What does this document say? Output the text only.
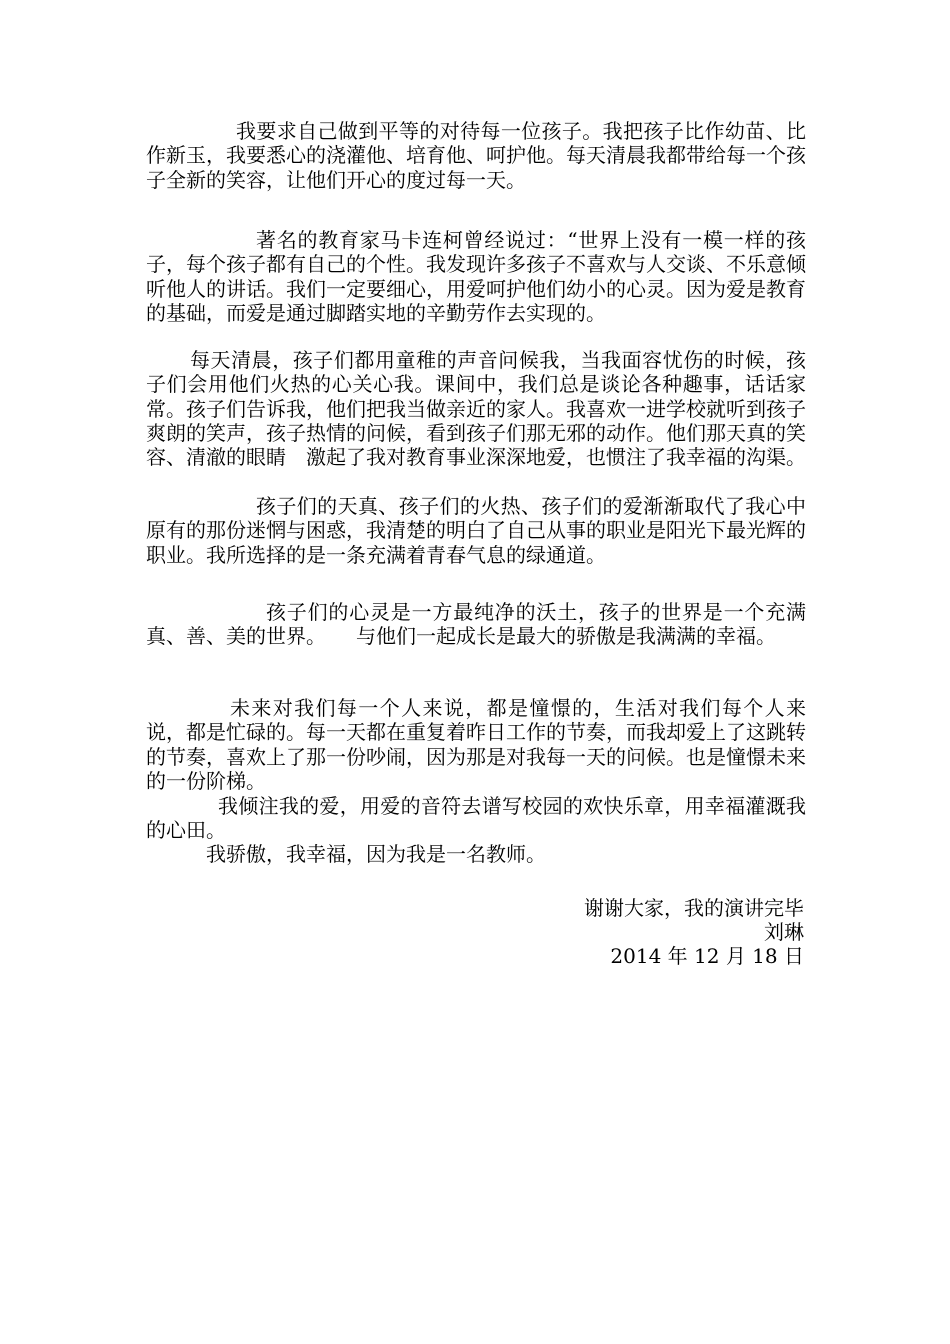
我要求自己做到平等的对待每一位孩子。我把孩子比作幼苗、比作新玉，我要悉心的浇灌他、培育他、呵护他。每天清晨我都带给每一个孩子全新的笑容，让他们开心的度过每一天。

著名的教育家马卡连柯曾经说过：“世界上没有一模一样的孩子，每个孩子都有自己的个性。我发现许多孩子不喜欢与人交谈、不乐意倾听他人的讲话。我们一定要细心，用爱呵护他们幼小的心灵。因为爱是教育的基础，而爱是通过脚踏实地的辛勤劳作去实现的。

每天清晨，孩子们都用童稚的声音问候我，当我面容忧伤的时候，孩子们会用他们火热的心关心我。课间中，我们总是谈论各种趣事，话话家常。孩子们告诉我，他们把我当做亲近的家人。我喜欢一进学校就听到孩子爽朗的笑声，孩子热情的问候，看到孩子们那无邪的动作。他们那天真的笑容、清澈的眼睛　激起了我对教育事业深深地爱，也惯注了我幸福的沟渠。

孩子们的天真、孩子们的火热、孩子们的爱渐渐取代了我心中原有的那份迷惘与困惑，我清楚的明白了自己从事的职业是阳光下最光辉的职业。我所选择的是一条充满着青春气息的绿通道。

孩子们的心灵是一方最纯净的沃土，孩子的世界是一个充满真、善、美的世界。　　与他们一起成长是最大的骄傲是我满满的幸福。

未来对我们每一个人来说，都是憧憬的，生活对我们每个人来说，都是忙碌的。每一天都在重复着昨日工作的节奏，而我却爱上了这跳转的节奏，喜欢上了那一份吵闹，因为那是对我每一天的问候。也是憧憬未来的一份阶梯。

我倾注我的爱，用爱的音符去谱写校园的欢快乐章，用幸福灌溉我的心田。

我骄傲，我幸福，因为我是一名教师。

谢谢大家，我的演讲完毕

刘琳

2014 年 12 月 18 日
